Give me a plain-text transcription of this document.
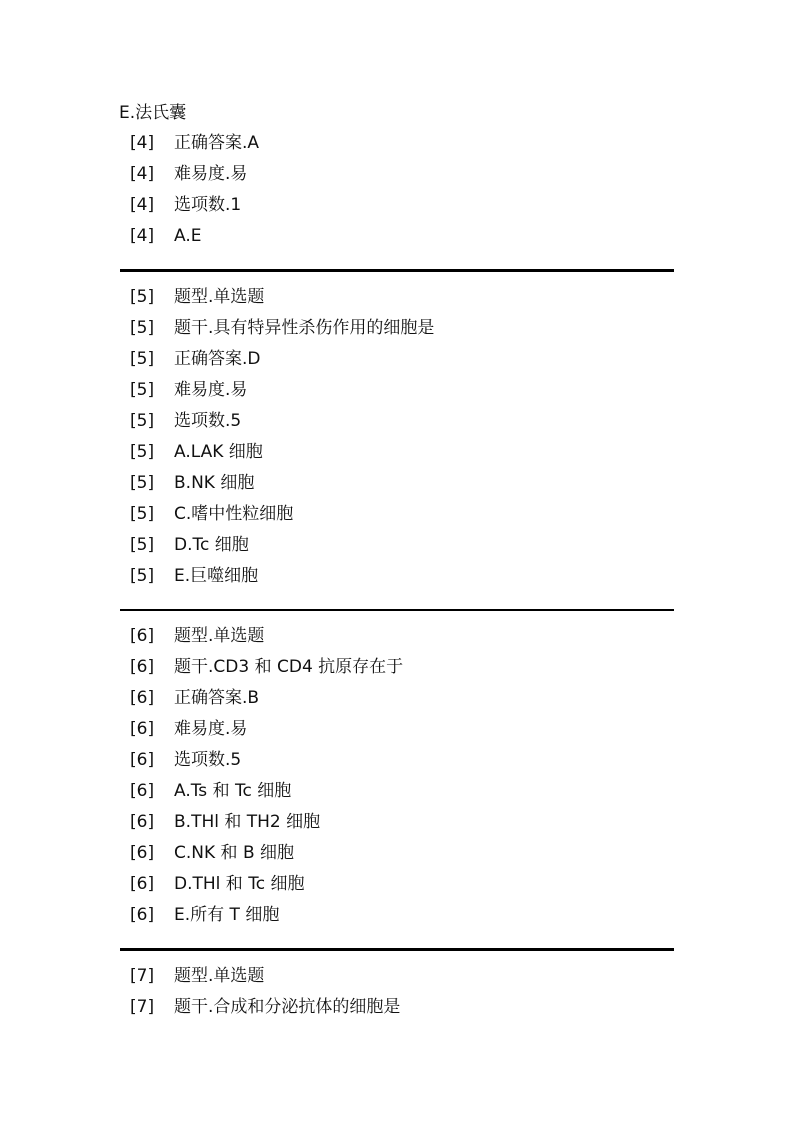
E.法氏囊
[4] 正确答案.A
[4] 难易度.易
[4] 选项数.1
[4] A.E
[5] 题型.单选题
[5] 题干.具有特异性杀伤作用的细胞是
[5] 正确答案.D
[5] 难易度.易
[5] 选项数.5
[5] A.LAK 细胞
[5] B.NK 细胞
[5] C.嗜中性粒细胞
[5] D.Tc 细胞
[5] E.巨噬细胞
[6] 题型.单选题
[6] 题干.CD3 和 CD4 抗原存在于
[6] 正确答案.B
[6] 难易度.易
[6] 选项数.5
[6] A.Ts 和 Tc 细胞
[6] B.THl 和 TH2 细胞
[6] C.NK 和 B 细胞
[6] D.THl 和 Tc 细胞
[6] E.所有 T 细胞
[7] 题型.单选题
[7] 题干.合成和分泌抗体的细胞是
